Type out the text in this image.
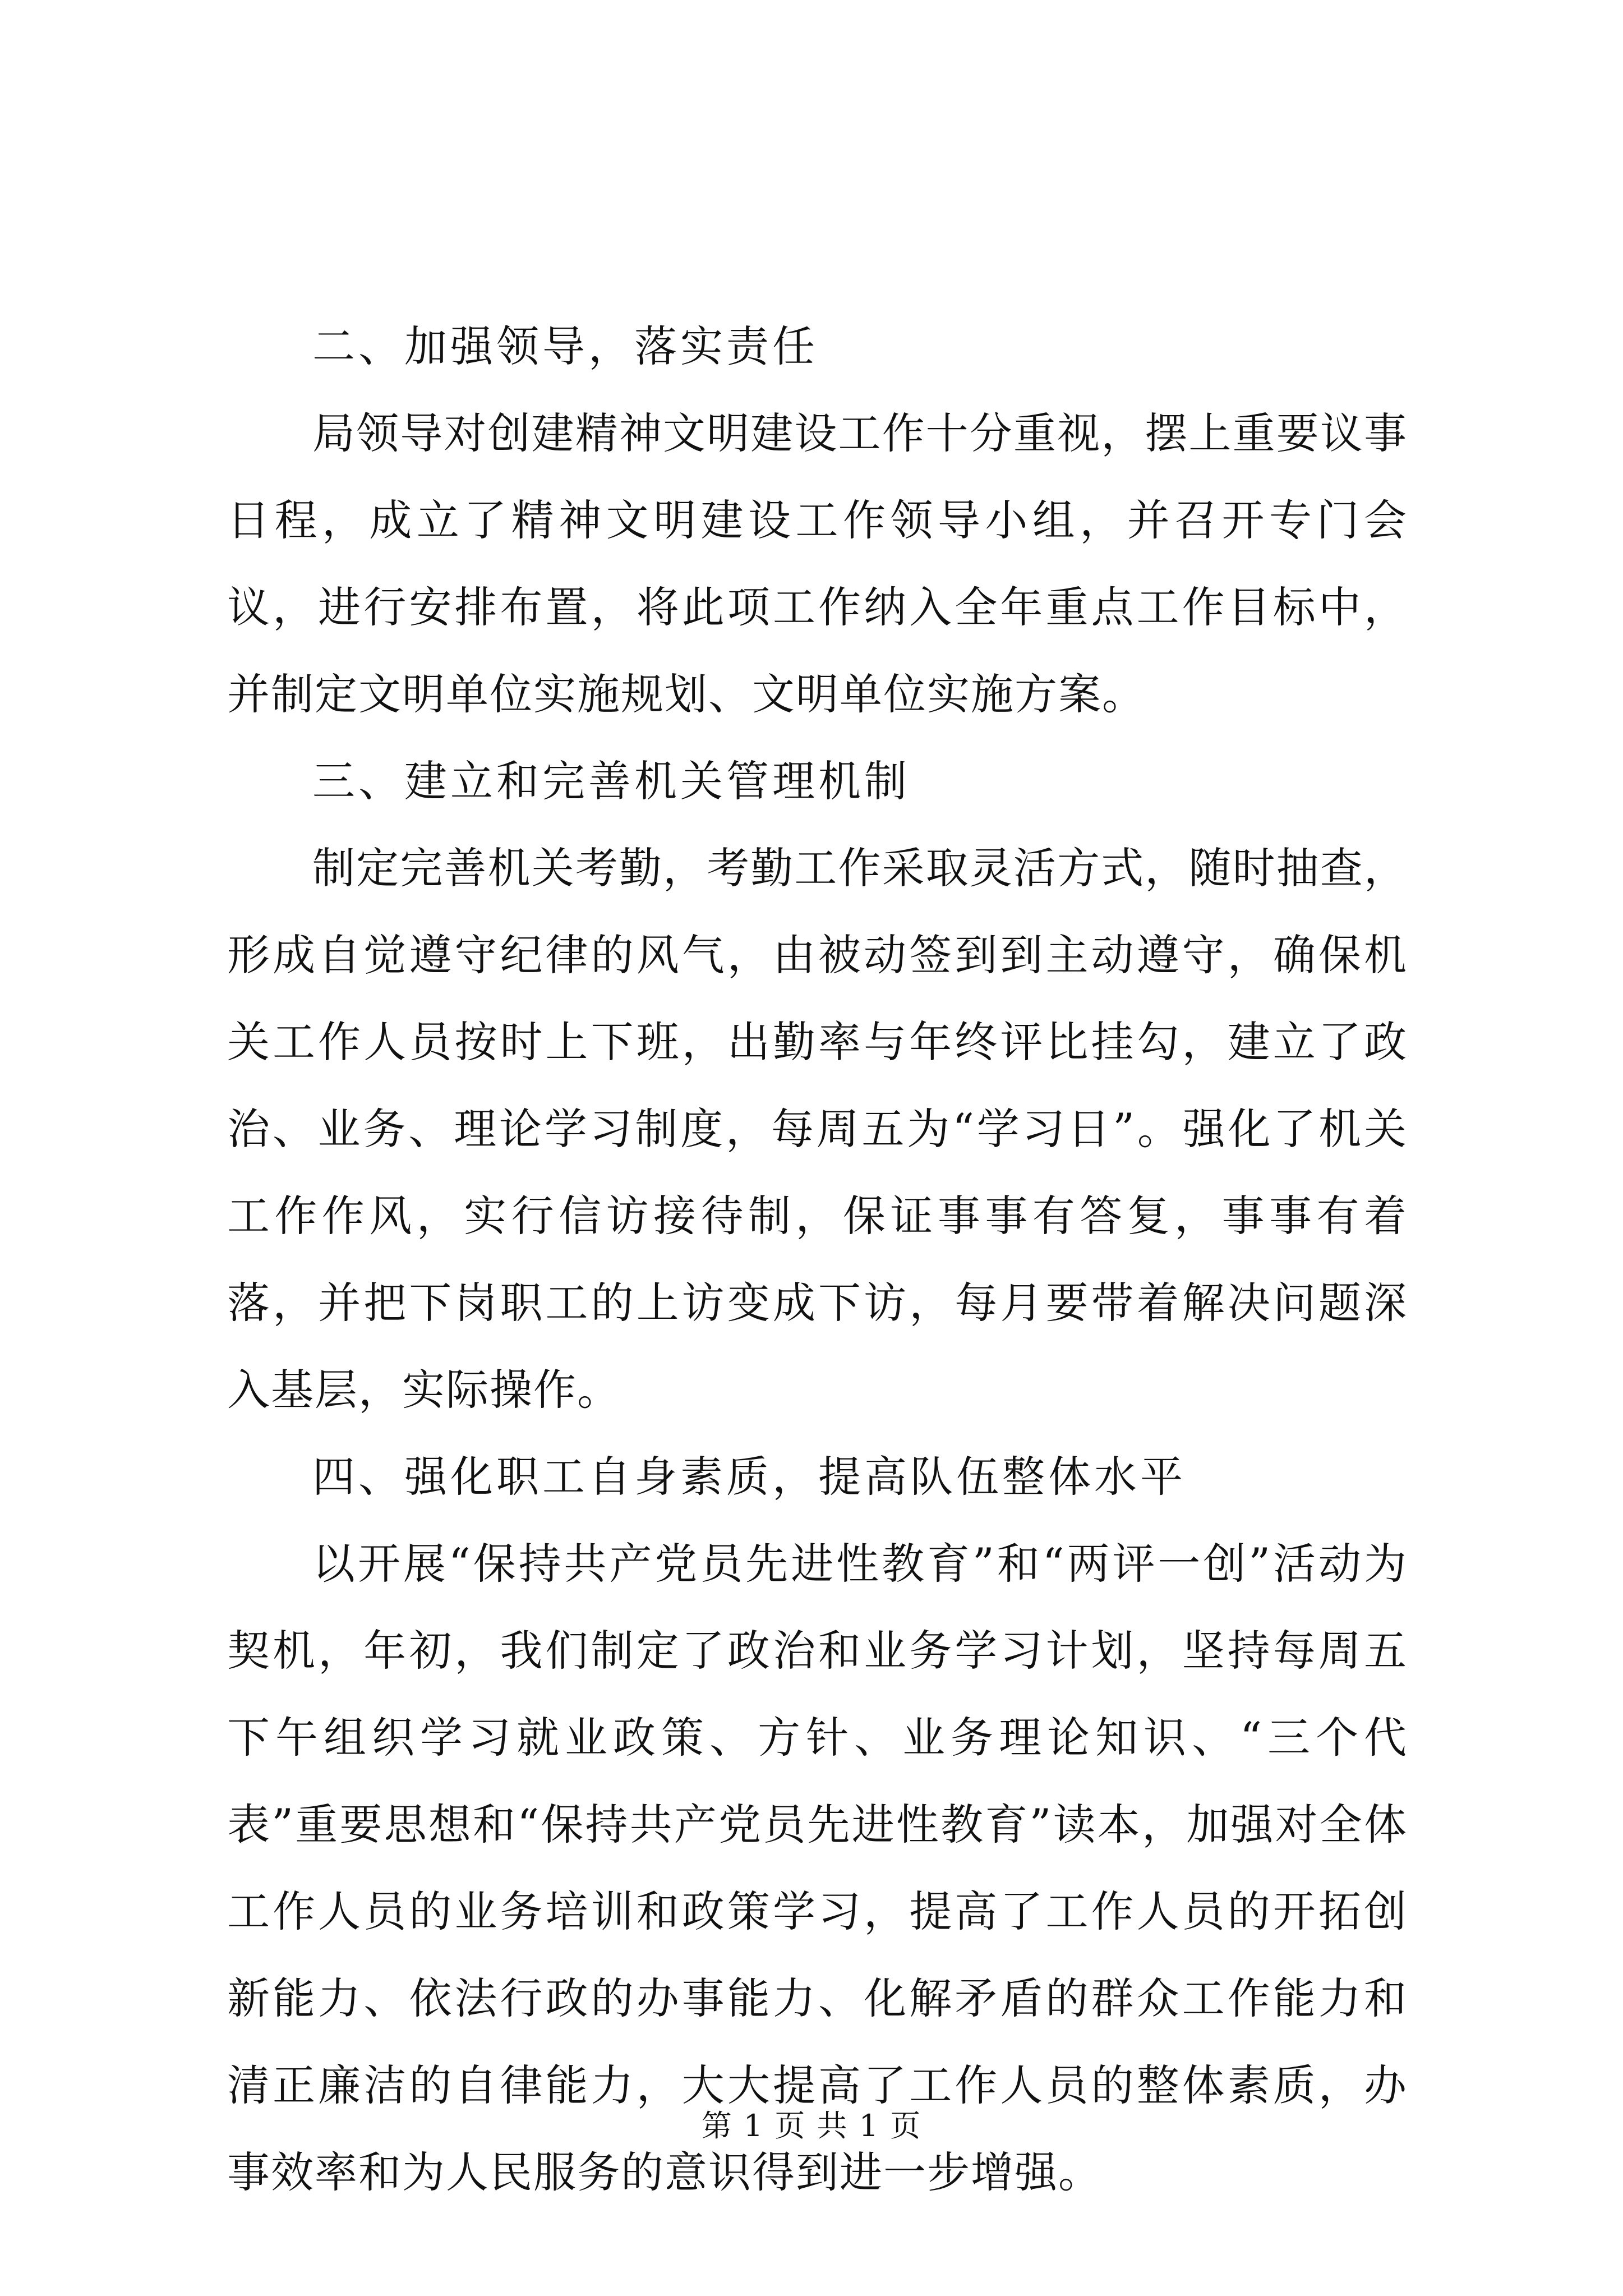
二、加强领导，落实责任

局领导对创建精神文明建设工作十分重视，摆上重要议事日程，成立了精神文明建设工作领导小组，并召开专门会议，进行安排布置，将此项工作纳入全年重点工作目标中，并制定文明单位实施规划、文明单位实施方案。

三、建立和完善机关管理机制

制定完善机关考勤，考勤工作采取灵活方式，随时抽查，形成自觉遵守纪律的风气，由被动签到到主动遵守，确保机关工作人员按时上下班，出勤率与年终评比挂勾，建立了政治、业务、理论学习制度，每周五为“学习日”。强化了机关工作作风，实行信访接待制，保证事事有答复，事事有着落，并把下岗职工的上访变成下访，每月要带着解决问题深入基层，实际操作。

四、强化职工自身素质，提高队伍整体水平

以开展“保持共产党员先进性教育”和“两评一创”活动为契机，年初，我们制定了政治和业务学习计划，坚持每周五下午组织学习就业政策、方针、业务理论知识、“三个代表”重要思想和“保持共产党员先进性教育”读本，加强对全体工作人员的业务培训和政策学习，提高了工作人员的开拓创新能力、依法行政的办事能力、化解矛盾的群众工作能力和清正廉洁的自律能力，大大提高了工作人员的整体素质，办事效率和为人民服务的意识得到进一步增强。

第 1 页 共 1 页
